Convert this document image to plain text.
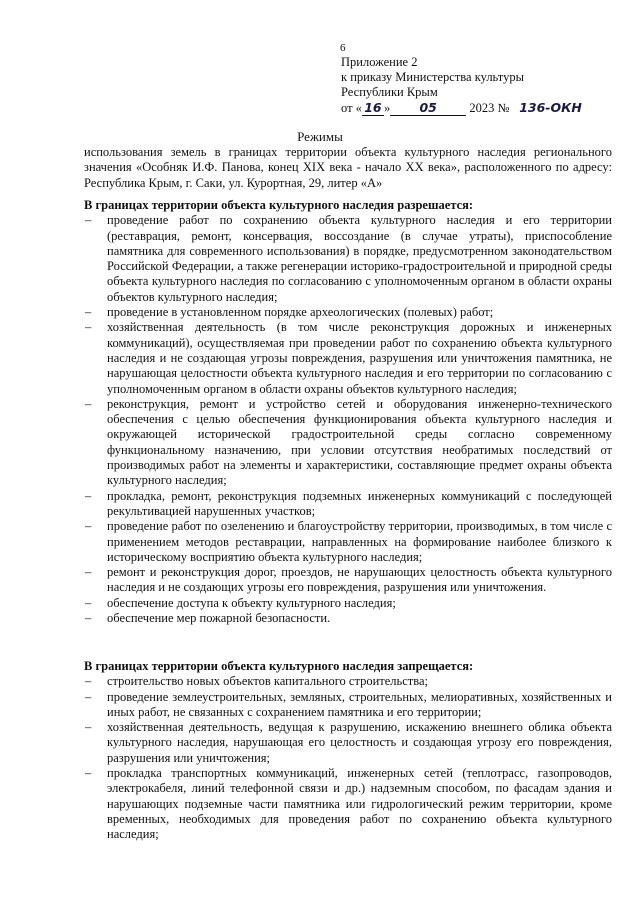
6
Приложение 2
к приказу Министерства культуры
Республики Крым
от « 16 » 05	2023 № 136-ОКН
Режимы
использования земель в границах территории объекта культурного наследия регионального значения «Особняк И.Ф. Панова, конец XIX века - начало XX века», расположенного по адресу: Республика Крым, г. Саки, ул. Курортная, 29, литер «А»
В границах территории объекта культурного наследия разрешается:
– проведение работ по сохранению объекта культурного наследия и его территории (реставрация, ремонт, консервация, воссоздание (в случае утраты), приспособление памятника для современного использования) в порядке, предусмотренном законодательством Российской Федерации, а также регенерации историко-градостроительной и природной среды объекта культурного наследия по согласованию с уполномоченным органом в области охраны объектов культурного наследия;
– проведение в установленном порядке археологических (полевых) работ;
– хозяйственная деятельность (в том числе реконструкция дорожных и инженерных коммуникаций), осуществляемая при проведении работ по сохранению объекта культурного наследия и не создающая угрозы повреждения, разрушения или уничтожения памятника, не нарушающая целостности объекта культурного наследия и его территории по согласованию с уполномоченным органом в области охраны объектов культурного наследия;
– реконструкция, ремонт и устройство сетей и оборудования инженерно-технического обеспечения с целью обеспечения функционирования объекта культурного наследия и окружающей исторической градостроительной среды согласно современному функциональному назначению, при условии отсутствия необратимых последствий от производимых работ на элементы и характеристики, составляющие предмет охраны объекта культурного наследия;
– прокладка, ремонт, реконструкция подземных инженерных коммуникаций с последующей рекультивацией нарушенных участков;
– проведение работ по озеленению и благоустройству территории, производимых, в том числе с применением методов реставрации, направленных на формирование наиболее близкого к историческому восприятию объекта культурного наследия;
– ремонт и реконструкция дорог, проездов, не нарушающих целостность объекта культурного наследия и не создающих угрозы его повреждения, разрушения или уничтожения.
– обеспечение доступа к объекту культурного наследия;
– обеспечение мер пожарной безопасности.
В границах территории объекта культурного наследия запрещается:
– строительство новых объектов капитального строительства;
– проведение землеустроительных, земляных, строительных, мелиоративных, хозяйственных и иных работ, не связанных с сохранением памятника и его территории;
– хозяйственная деятельность, ведущая к разрушению, искажению внешнего облика объекта культурного наследия, нарушающая его целостность и создающая угрозу его повреждения, разрушения или уничтожения;
– прокладка транспортных коммуникаций, инженерных сетей (теплотрасс, газопроводов, электрокабеля, линий телефонной связи и др.) надземным способом, по фасадам здания и нарушающих подземные части памятника или гидрологический режим территории, кроме временных, необходимых для проведения работ по сохранению объекта культурного наследия;
